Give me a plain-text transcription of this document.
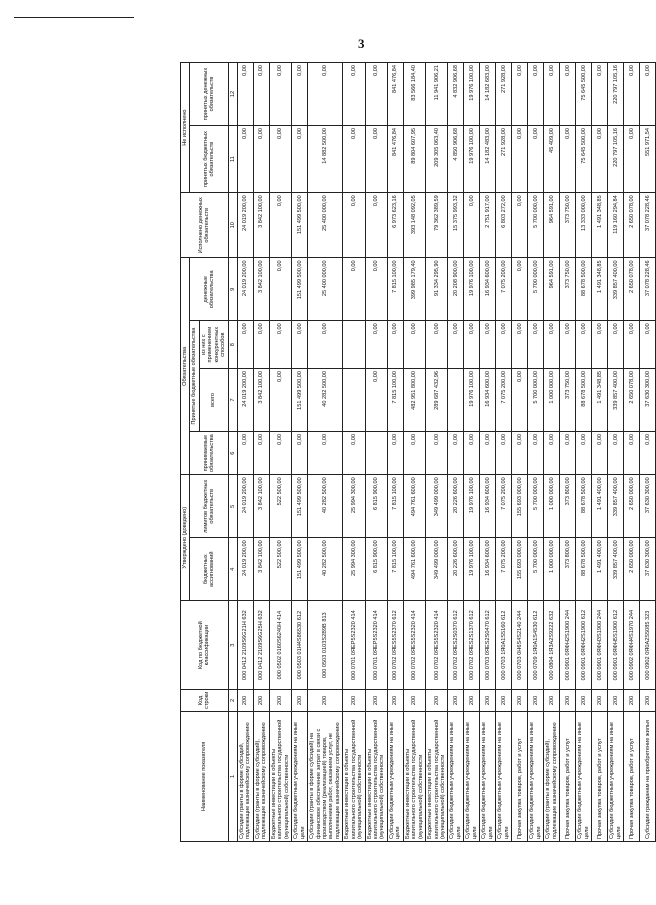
3
Наименование показателя	Код строки	Код по бюджетной классификации	Утверждено (доведено)		Обязательства				Исполнено денежных обязательств	Не исполнено	
			бюджетных ассигнований	лимитов бюджетных обязательств	принимаемые обязательства	Принятые бюджетные обязательства		денежные обязательства		принятых бюджетных обязательств	принятых денежных обязательств
						всего	из них с применением конкурентных способов				
1	2	3	4	5	6	7	8	9	10	11	12
Субсидии гранты в форме субсидий, подлежащие казначейскому сопровождению	200	000 0412 2109S6G21Н 632	24 019 200,00	24 019 200,00	0,00	24 019 200,00	0,00	24 019 200,00	24 019 200,00	0,00	0,00
Субсидии (гранты в форме субсидий), подлежащие казначейскому сопровождению	200	000 0412 2109S6G25Н 632	3 842 100,00	3 842 100,00	0,00	3 842 100,00	0,00	3 842 100,00	3 842 100,00	0,00	0,00
Бюджетные инвестиции в объекты капитального строительства государственной (муниципальной) собственности	200	000 0502 0160S6240Н 414	522 500,00	522 500,00	0,00	0,00	0,00	0,00	0,00	0,00	0,00
Субсидии бюджетным учреждениям на иные цели	200	000 0503 01Н4S86530 612	151 499 500,00	151 499 500,00	0,00	151 499 500,00	0,00	151 499 500,00	151 499 500,00	0,00	0,00
Субсидии (гранты в форме субсидий) на финансовое обеспечение затрат в связи с производством (реализацией) товаров, выполнением работ, оказанием услуг, не подлежащие казначейскому сопровождению	200	000 0503 0103S2В9В 813	40 282 500,00	40 282 500,00	0,00	40 282 500,00	0,00	25 400 000,00	25 400 000,00	14 882 500,00	0,00
Бюджетные инвестиции в объекты капитального строительства государственной (муниципальной) собственности	200	000 0701 0ЯЕР5S2320 414	25 994 300,00	25 994 300,00	0,00			0,00	0,00	0,00	0,00
Бюджетные инвестиции в объекты капитального строительства государственной (муниципальной) собственности	200	000 0701 0ЯЕР5S2320 414	6 815 900,00	6 815 900,00		0,00	0,00	0,00	0,00	0,00	0,00
Субсидии бюджетным учреждениям на иные цели	200	000 0702 0ЯЕS5S2370 612	7 815 100,00	7 815 100,00	0,00	7 815 100,00	0,00	7 815 100,00	6 973 623,16	841 476,84	841 476,84
Бюджетные инвестиции в объекты капитального строительства государственной (муниципальной) собственности	200	000 0702 0ЯЕS5S2320 414	494 761 600,00	494 761 600,00	0,00	482 951 800,00	0,00	399 985 179,40	393 148 092,05	89 804 607,95	83 566 184,40
Бюджетные инвестиции в объекты капитального строительства государственной (муниципальной) собственности	200	000 0702 0ЯЕS5S2320 414	349 499 000,00	349 499 000,00	0,00	289 687 432,96	0,00	91 334 295,90	79 362 389,59	209 305 063,40	11 941 906,21
Субсидии бюджетным учреждениям на иные цели	200	000 0702 0ЯЕS2S0370 612	20 226 600,00	20 226 600,00	0,00		0,00	20 208 900,00	15 375 993,32	4 850 906,68	4 832 906,68
Субсидии бюджетным учреждениям на иные цели	200	000 0702 0ЯЕS2S1370 612	19 976 100,00	19 976 100,00	0,00	19 976 100,00	0,00	19 976 100,00	0,00	19 976 100,00	19 976 100,00
Субсидии бюджетным учреждениям на иные цели	200	000 0703 0ЯЕS2S0470 612	16 934 600,00	16 934 600,00	0,00	16 934 600,00	0,00	16 934 600,00	2 751 917,00	14 182 483,00	14 182 683,00
Субсидии бюджетным учреждениям на иные цели	200	000 0703 1Я0А1S5160 612	7 075 200,00	7 075 200,00	0,00	7 075 200,00	0,00	7 075 200,00	6 803 272,00	271 928,00	271 928,00
Прочая закупка товаров, работ и услуг	200	000 0703 0Н6S4S2140 244	155 693 000,00	155 693 000,00	0,00	0,00	0,00	0,00	0,00	0,00	0,00
Субсидии бюджетным учреждениям на иные цели	200	000 0709 1Я0А1S4530 612	5 700 000,00	5 700 000,00	0,00	5 700 000,00	0,00	5 700 000,00	5 700 000,00	0,00	0,00
Субсидии (гранты в форме субсидий), подлежащие казначейскому сопровождению	200	000 0804 1Я3А2S9222 632	1 000 000,00	1 000 000,00	0,00	1 000 000,00	0,00	964 591,00	964 591,00	45 409,00	0,00
Прочая закупка товаров, работ и услуг	200	000 0901 0ЯФН2S1900 244	373 800,00	373 800,00	0,00	373 750,00	0,00	373 750,00	373 750,00	0,00	0,00
Субсидии бюджетным учреждениям на иные цели	200	000 0901 0ЯФН2S1900 612	88 678 500,00	88 678 500,00	0,00	88 678 500,00	0,00	88 678 500,00	13 333 000,00	75 645 500,00	75 645 500,00
Прочая закупка товаров, работ и услуг	200	000 0901 0ЯФН3S1900 244	1 491 400,00	1 491 400,00	0,00	1 491 348,85	0,00	1 491 348,85	1 491 348,85	0,00	0,00
Субсидии бюджетным учреждениям на иные цели	200	000 0901 0ЯФН5S1900 612	339 857 400,00	339 857 400,00	0,00	339 857 400,00	0,00	339 857 400,00	119 160 294,84	220 797 105,16	220 797 105,16
Прочая закупка товаров, работ и услуг	200	000 0902 0ЯФН4S1970 244	2 650 000,00	2 650 000,00	0,00	2 650 078,00	0,00	2 650 078,00	2 650 078,00	0,00	0,00
Субсидии гражданам на приобретение жилья	200	000 0902 0Я0А2S5085 323	37 630 300,00	37 630 300,00	0,00	37 630 300,00	0,00	37 078 228,46	37 078 228,46	551 971,54	0,00
